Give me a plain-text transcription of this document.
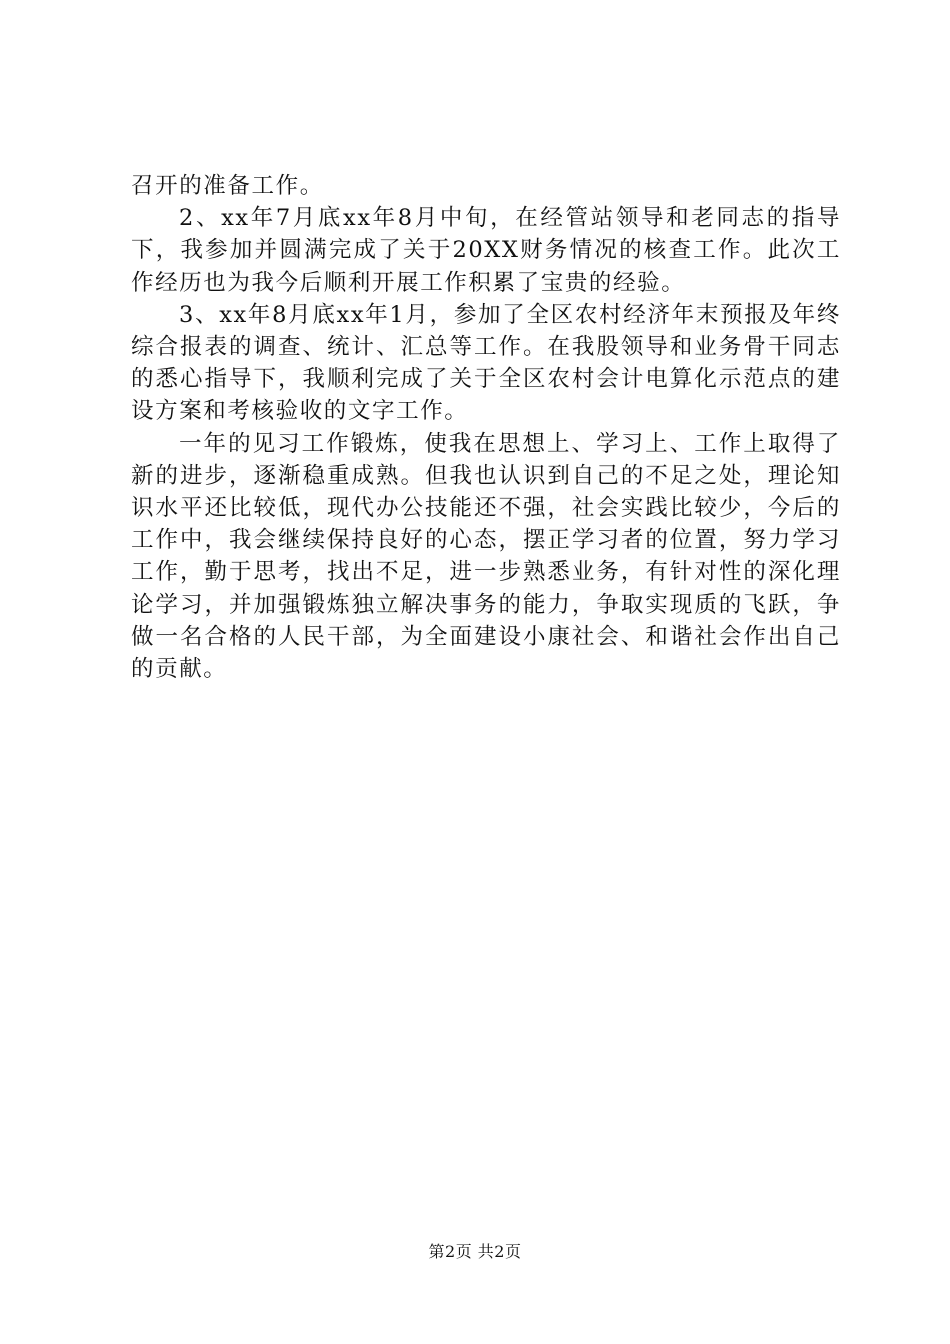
召开的准备工作。

2、xx年7月底xx年8月中旬，在经管站领导和老同志的指导下，我参加并圆满完成了关于20XX财务情况的核查工作。此次工作经历也为我今后顺利开展工作积累了宝贵的经验。

3、xx年8月底xx年1月，参加了全区农村经济年末预报及年终综合报表的调查、统计、汇总等工作。在我股领导和业务骨干同志的悉心指导下，我顺利完成了关于全区农村会计电算化示范点的建设方案和考核验收的文字工作。

一年的见习工作锻炼，使我在思想上、学习上、工作上取得了新的进步，逐渐稳重成熟。但我也认识到自己的不足之处，理论知识水平还比较低，现代办公技能还不强，社会实践比较少，今后的工作中，我会继续保持良好的心态，摆正学习者的位置，努力学习工作，勤于思考，找出不足，进一步熟悉业务，有针对性的深化理论学习，并加强锻炼独立解决事务的能力，争取实现质的飞跃，争做一名合格的人民干部，为全面建设小康社会、和谐社会作出自己的贡献。

第2页 共2页
